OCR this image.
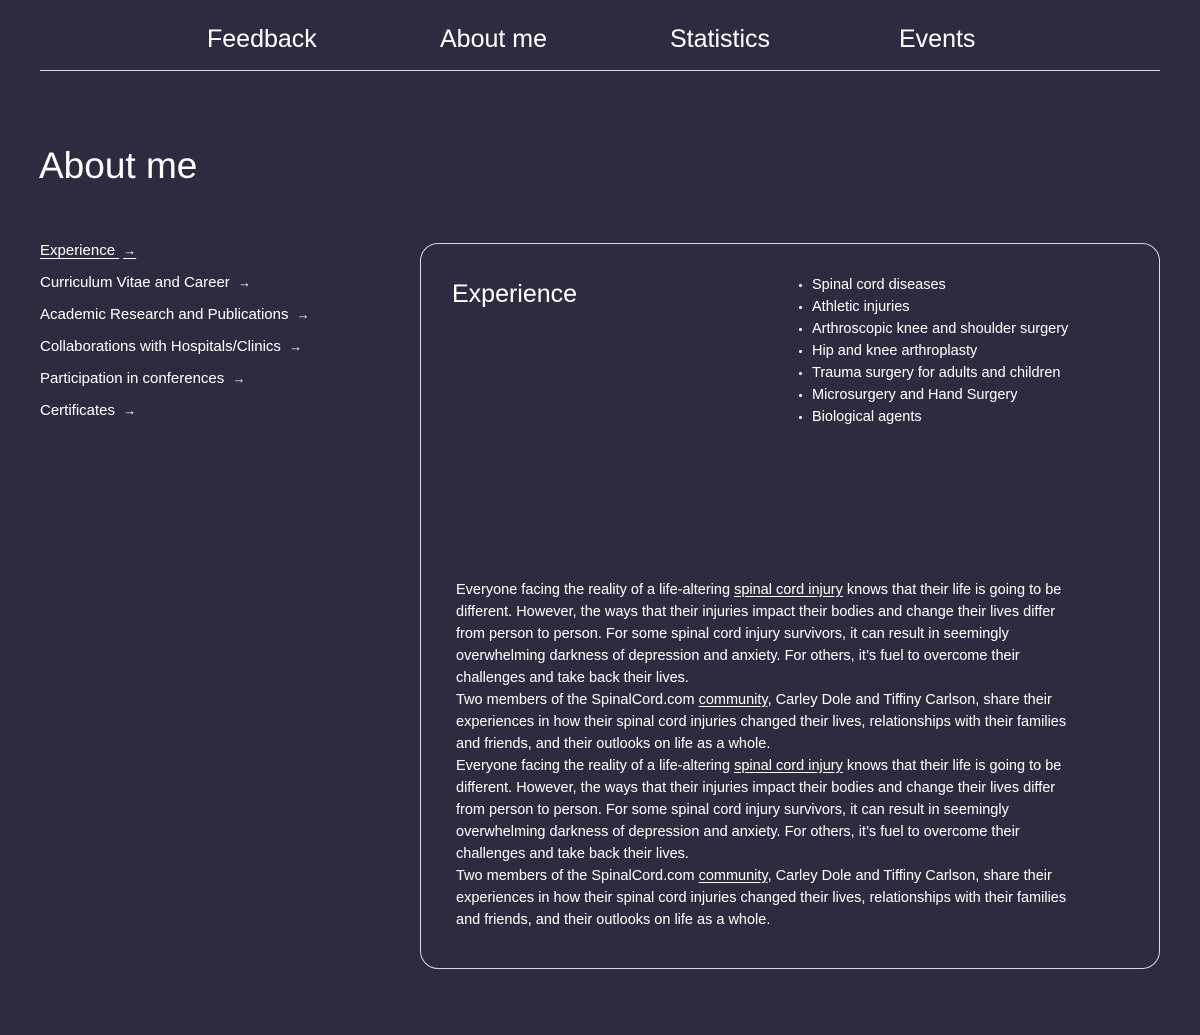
Feedback	About me	Statistics	Events
About me
Experience →
Curriculum Vitae and Career →
Academic Research and Publications →
Collaborations with Hospitals/Clinics →
Participation in conferences →
Certificates →
Experience	Spinal cord diseases
Athletic injuries
Arthroscopic knee and shoulder surgery
Hip and knee arthroplasty
Trauma surgery for adults and children
Microsurgery and Hand Surgery
Biological agents

Everyone facing the reality of a life-altering spinal cord injury knows that their life is going to be different. However, the ways that their injuries impact their bodies and change their lives differ from person to person. For some spinal cord injury survivors, it can result in seemingly overwhelming darkness of depression and anxiety. For others, it’s fuel to overcome their challenges and take back their lives.

Two members of the SpinalCord.com community, Carley Dole and Tiffiny Carlson, share their experiences in how their spinal cord injuries changed their lives, relationships with their families and friends, and their outlooks on life as a whole.

Everyone facing the reality of a life-altering spinal cord injury knows that their life is going to be different. However, the ways that their injuries impact their bodies and change their lives differ from person to person. For some spinal cord injury survivors, it can result in seemingly overwhelming darkness of depression and anxiety. For others, it’s fuel to overcome their challenges and take back their lives.

Two members of the SpinalCord.com community, Carley Dole and Tiffiny Carlson, share their experiences in how their spinal cord injuries changed their lives, relationships with their families and friends, and their outlooks on life as a whole.
